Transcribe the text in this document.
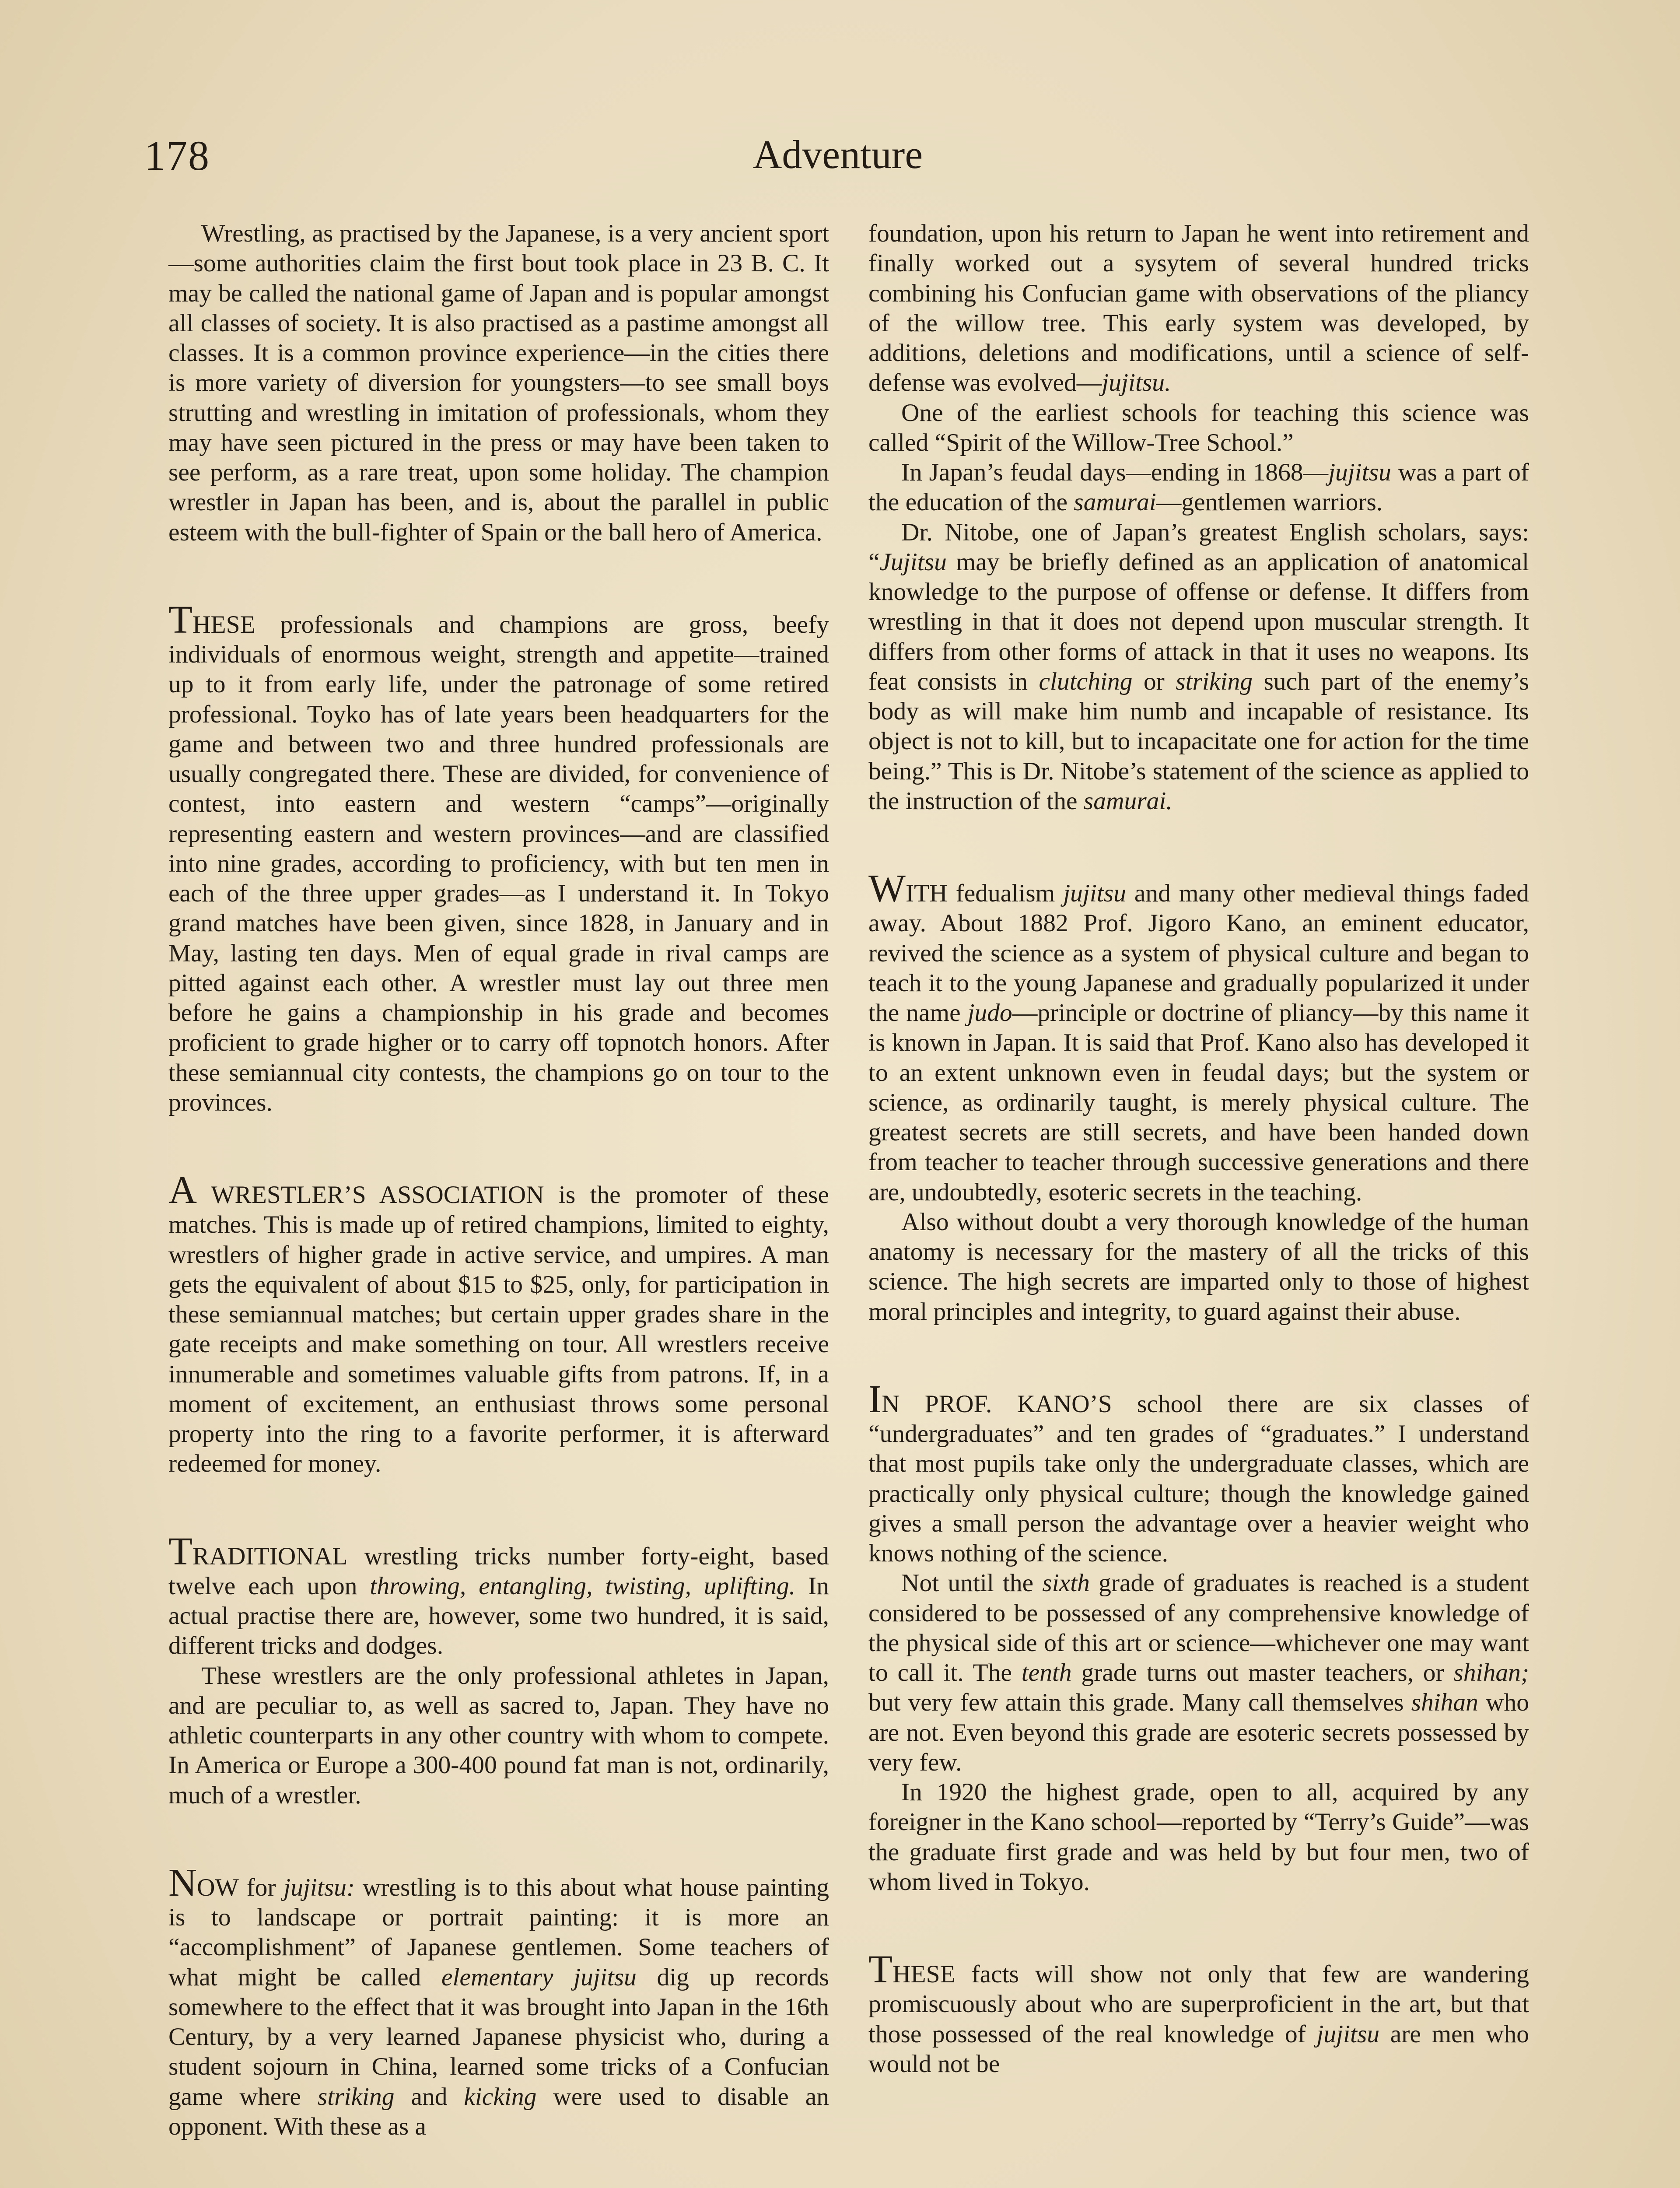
178	Adventure

Wrestling, as practised by the Japanese, is a very ancient sport—some authorities claim the first bout took place in 23 B. C. It may be called the national game of Japan and is popular amongst all classes of society. It is also practised as a pastime amongst all classes. It is a common province experience—in the cities there is more variety of diversion for youngsters—to see small boys strutting and wrestling in imitation of professionals, whom they may have seen pictured in the press or may have been taken to see perform, as a rare treat, upon some holiday. The champion wrestler in Japan has been, and is, about the parallel in public esteem with the bull-fighter of Spain or the ball hero of America.

THESE professionals and champions are gross, beefy individuals of enormous weight, strength and appetite—trained up to it from early life, under the patronage of some retired professional. Toyko has of late years been headquarters for the game and between two and three hundred professionals are usually congregated there. These are divided, for convenience of contest, into eastern and western “camps”—originally representing eastern and western provinces—and are classified into nine grades, according to proficiency, with but ten men in each of the three upper grades—as I understand it. In Tokyo grand matches have been given, since 1828, in January and in May, lasting ten days. Men of equal grade in rival camps are pitted against each other. A wrestler must lay out three men before he gains a championship in his grade and becomes proficient to grade higher or to carry off topnotch honors. After these semiannual city contests, the champions go on tour to the provinces.

A WRESTLER’S ASSOCIATION is the promoter of these matches. This is made up of retired champions, limited to eighty, wrestlers of higher grade in active service, and umpires. A man gets the equivalent of about $15 to $25, only, for participation in these semiannual matches; but certain upper grades share in the gate receipts and make something on tour. All wrestlers receive innumerable and sometimes valuable gifts from patrons. If, in a moment of excitement, an enthusiast throws some personal property into the ring to a favorite performer, it is afterward redeemed for money.

TRADITIONAL wrestling tricks number forty-eight, based twelve each upon throwing, entangling, twisting, uplifting. In actual practise there are, however, some two hundred, it is said, different tricks and dodges.

These wrestlers are the only professional athletes in Japan, and are peculiar to, as well as sacred to, Japan. They have no athletic counterparts in any other country with whom to compete. In America or Europe a 300-400 pound fat man is not, ordinarily, much of a wrestler.

NOW for jujitsu: wrestling is to this about what house painting is to landscape or portrait painting: it is more an “accomplishment” of Japanese gentlemen. Some teachers of what might be called elementary jujitsu dig up records somewhere to the effect that it was brought into Japan in the 16th Century, by a very learned Japanese physicist who, during a student sojourn in China, learned some tricks of a Confucian game where striking and kicking were used to disable an opponent. With these as a

foundation, upon his return to Japan he went into retirement and finally worked out a sysytem of several hundred tricks combining his Confucian game with observations of the pliancy of the willow tree. This early system was developed, by additions, deletions and modifications, until a science of self-defense was evolved—jujitsu.

One of the earliest schools for teaching this science was called “Spirit of the Willow-Tree School.”

In Japan’s feudal days—ending in 1868—jujitsu was a part of the education of the samurai—gentlemen warriors.

Dr. Nitobe, one of Japan’s greatest English scholars, says: “Jujitsu may be briefly defined as an application of anatomical knowledge to the purpose of offense or defense. It differs from wrestling in that it does not depend upon muscular strength. It differs from other forms of attack in that it uses no weapons. Its feat consists in clutching or striking such part of the enemy’s body as will make him numb and incapable of resistance. Its object is not to kill, but to incapacitate one for action for the time being.” This is Dr. Nitobe’s statement of the science as applied to the instruction of the samurai.

WITH fedualism jujitsu and many other medieval things faded away. About 1882 Prof. Jigoro Kano, an eminent educator, revived the science as a system of physical culture and began to teach it to the young Japanese and gradually popularized it under the name judo—principle or doctrine of pliancy—by this name it is known in Japan. It is said that Prof. Kano also has developed it to an extent unknown even in feudal days; but the system or science, as ordinarily taught, is merely physical culture. The greatest secrets are still secrets, and have been handed down from teacher to teacher through successive generations and there are, undoubtedly, esoteric secrets in the teaching.

Also without doubt a very thorough knowledge of the human anatomy is necessary for the mastery of all the tricks of this science. The high secrets are imparted only to those of highest moral principles and integrity, to guard against their abuse.

IN PROF. KANO’S school there are six classes of “undergraduates” and ten grades of “graduates.” I understand that most pupils take only the undergraduate classes, which are practically only physical culture; though the knowledge gained gives a small person the advantage over a heavier weight who knows nothing of the science.

Not until the sixth grade of graduates is reached is a student considered to be possessed of any comprehensive knowledge of the physical side of this art or science—whichever one may want to call it. The tenth grade turns out master teachers, or shihan; but very few attain this grade. Many call themselves shihan who are not. Even beyond this grade are esoteric secrets possessed by very few.

In 1920 the highest grade, open to all, acquired by any foreigner in the Kano school—reported by “Terry’s Guide”—was the graduate first grade and was held by but four men, two of whom lived in Tokyo.

THESE facts will show not only that few are wandering promiscuously about who are superproficient in the art, but that those possessed of the real knowledge of jujitsu are men who would not be
